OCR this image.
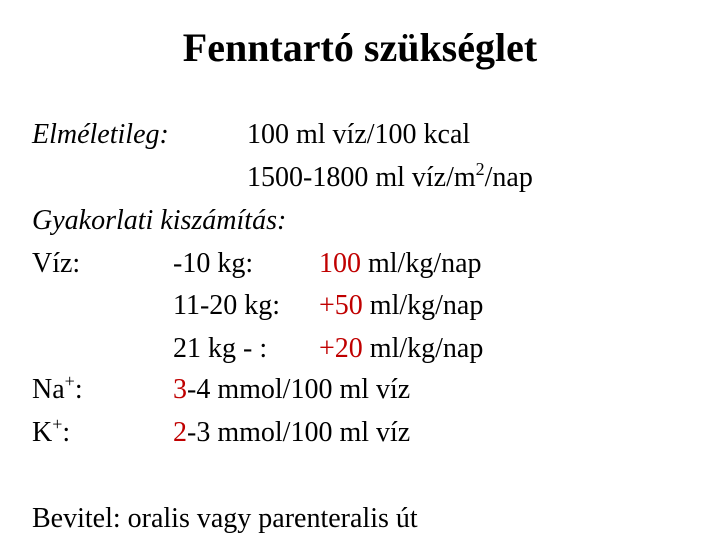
Fenntartó szükséglet
Elméletileg:	100 ml víz/100 kcal
1500-1800 ml víz/$m^2$/nap
Gyakorlati kiszámítás:
Víz:	-10 kg: 100 ml/kg/nap
11-20 kg: +50 ml/kg/nap
21 kg - : +20 ml/kg/nap
Na+:	3-4 mmol/100 ml víz
K+:	2-3 mmol/100 ml víz
Bevitel: oralis vagy parenteralis út
